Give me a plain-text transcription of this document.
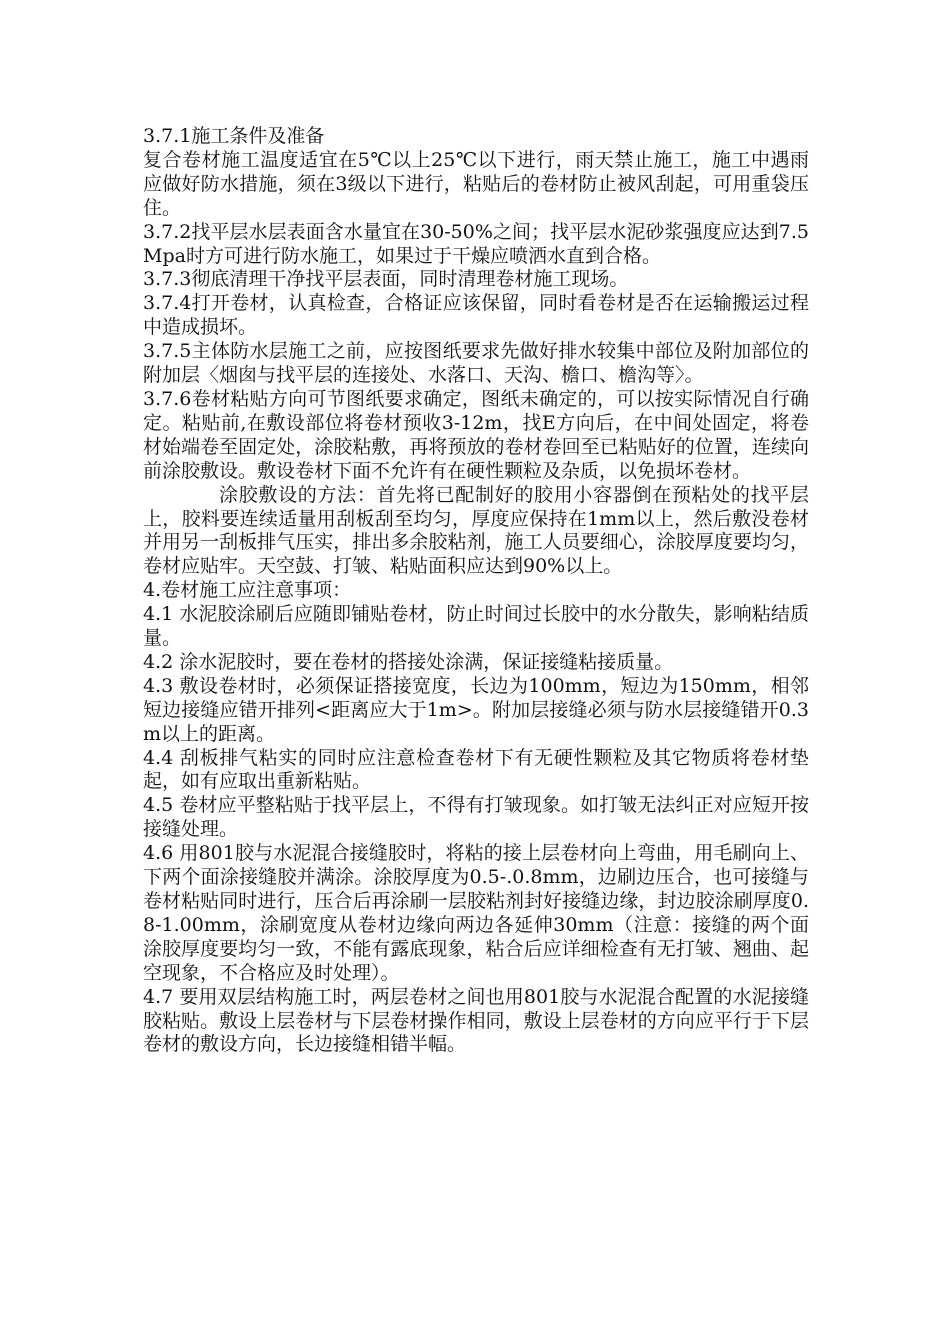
3.7.1施工条件及准备

复合卷材施工温度适宜在5℃以上25℃以下进行，雨天禁止施工，施工中遇雨应做好防水措施，须在3级以下进行，粘贴后的卷材防止被风刮起，可用重袋压住。

3.7.2找平层水层表面含水量宜在30-50%之间；找平层水泥砂浆强度应达到7.5Mpa时方可进行防水施工，如果过于干燥应喷洒水直到合格。

3.7.3彻底清理干净找平层表面，同时清理卷材施工现场。

3.7.4打开卷材，认真检查，合格证应该保留，同时看卷材是否在运输搬运过程中造成损坏。

3.7.5主体防水层施工之前，应按图纸要求先做好排水较集中部位及附加部位的附加层〈烟囱与找平层的连接处、水落口、天沟、檐口、檐沟等〉。

3.7.6卷材粘贴方向可节图纸要求确定，图纸未确定的，可以按实际情况自行确定。粘贴前,在敷设部位将卷材预收3-12m，找E方向后，在中间处固定，将卷材始端卷至固定处，涂胶粘敷，再将预放的卷材卷回至已粘贴好的位置，连续向前涂胶敷设。敷设卷材下面不允许有在硬性颗粒及杂质，以免损坏卷材。

涂胶敷设的方法：首先将已配制好的胶用小容器倒在预粘处的找平层上，胶料要连续适量用刮板刮至均匀，厚度应保持在1mm以上，然后敷没卷材并用另一刮板排气压实，排出多余胶粘剂，施工人员要细心，涂胶厚度要均匀，卷材应贴牢。天空鼓、打皱、粘贴面积应达到90%以上。

4.卷材施工应注意事项：

4.1 水泥胶涂刷后应随即铺贴卷材，防止时间过长胶中的水分散失，影响粘结质量。

4.2 涂水泥胶时，要在卷材的搭接处涂满，保证接缝粘接质量。

4.3 敷设卷材时，必须保证搭接宽度，长边为100mm，短边为150mm，相邻短边接缝应错开排列<距离应大于1m>。附加层接缝必须与防水层接缝错开0.3m以上的距离。

4.4 刮板排气粘实的同时应注意检查卷材下有无硬性颗粒及其它物质将卷材垫起，如有应取出重新粘贴。

4.5 卷材应平整粘贴于找平层上，不得有打皱现象。如打皱无法纠正对应短开按接缝处理。

4.6 用801胶与水泥混合接缝胶时，将粘的接上层卷材向上弯曲，用毛刷向上、下两个面涂接缝胶并满涂。涂胶厚度为0.5-.0.8mm，边刷边压合，也可接缝与卷材粘贴同时进行，压合后再涂刷一层胶粘剂封好接缝边缘，封边胶涂刷厚度0.8-1.00mm，涂刷宽度从卷材边缘向两边各延伸30mm（注意：接缝的两个面涂胶厚度要均匀一致，不能有露底现象，粘合后应详细检查有无打皱、翘曲、起空现象，不合格应及时处理）。

4.7 要用双层结构施工时，两层卷材之间也用801胶与水泥混合配置的水泥接缝胶粘贴。敷设上层卷材与下层卷材操作相同，敷设上层卷材的方向应平行于下层卷材的敷设方向，长边接缝相错半幅。
